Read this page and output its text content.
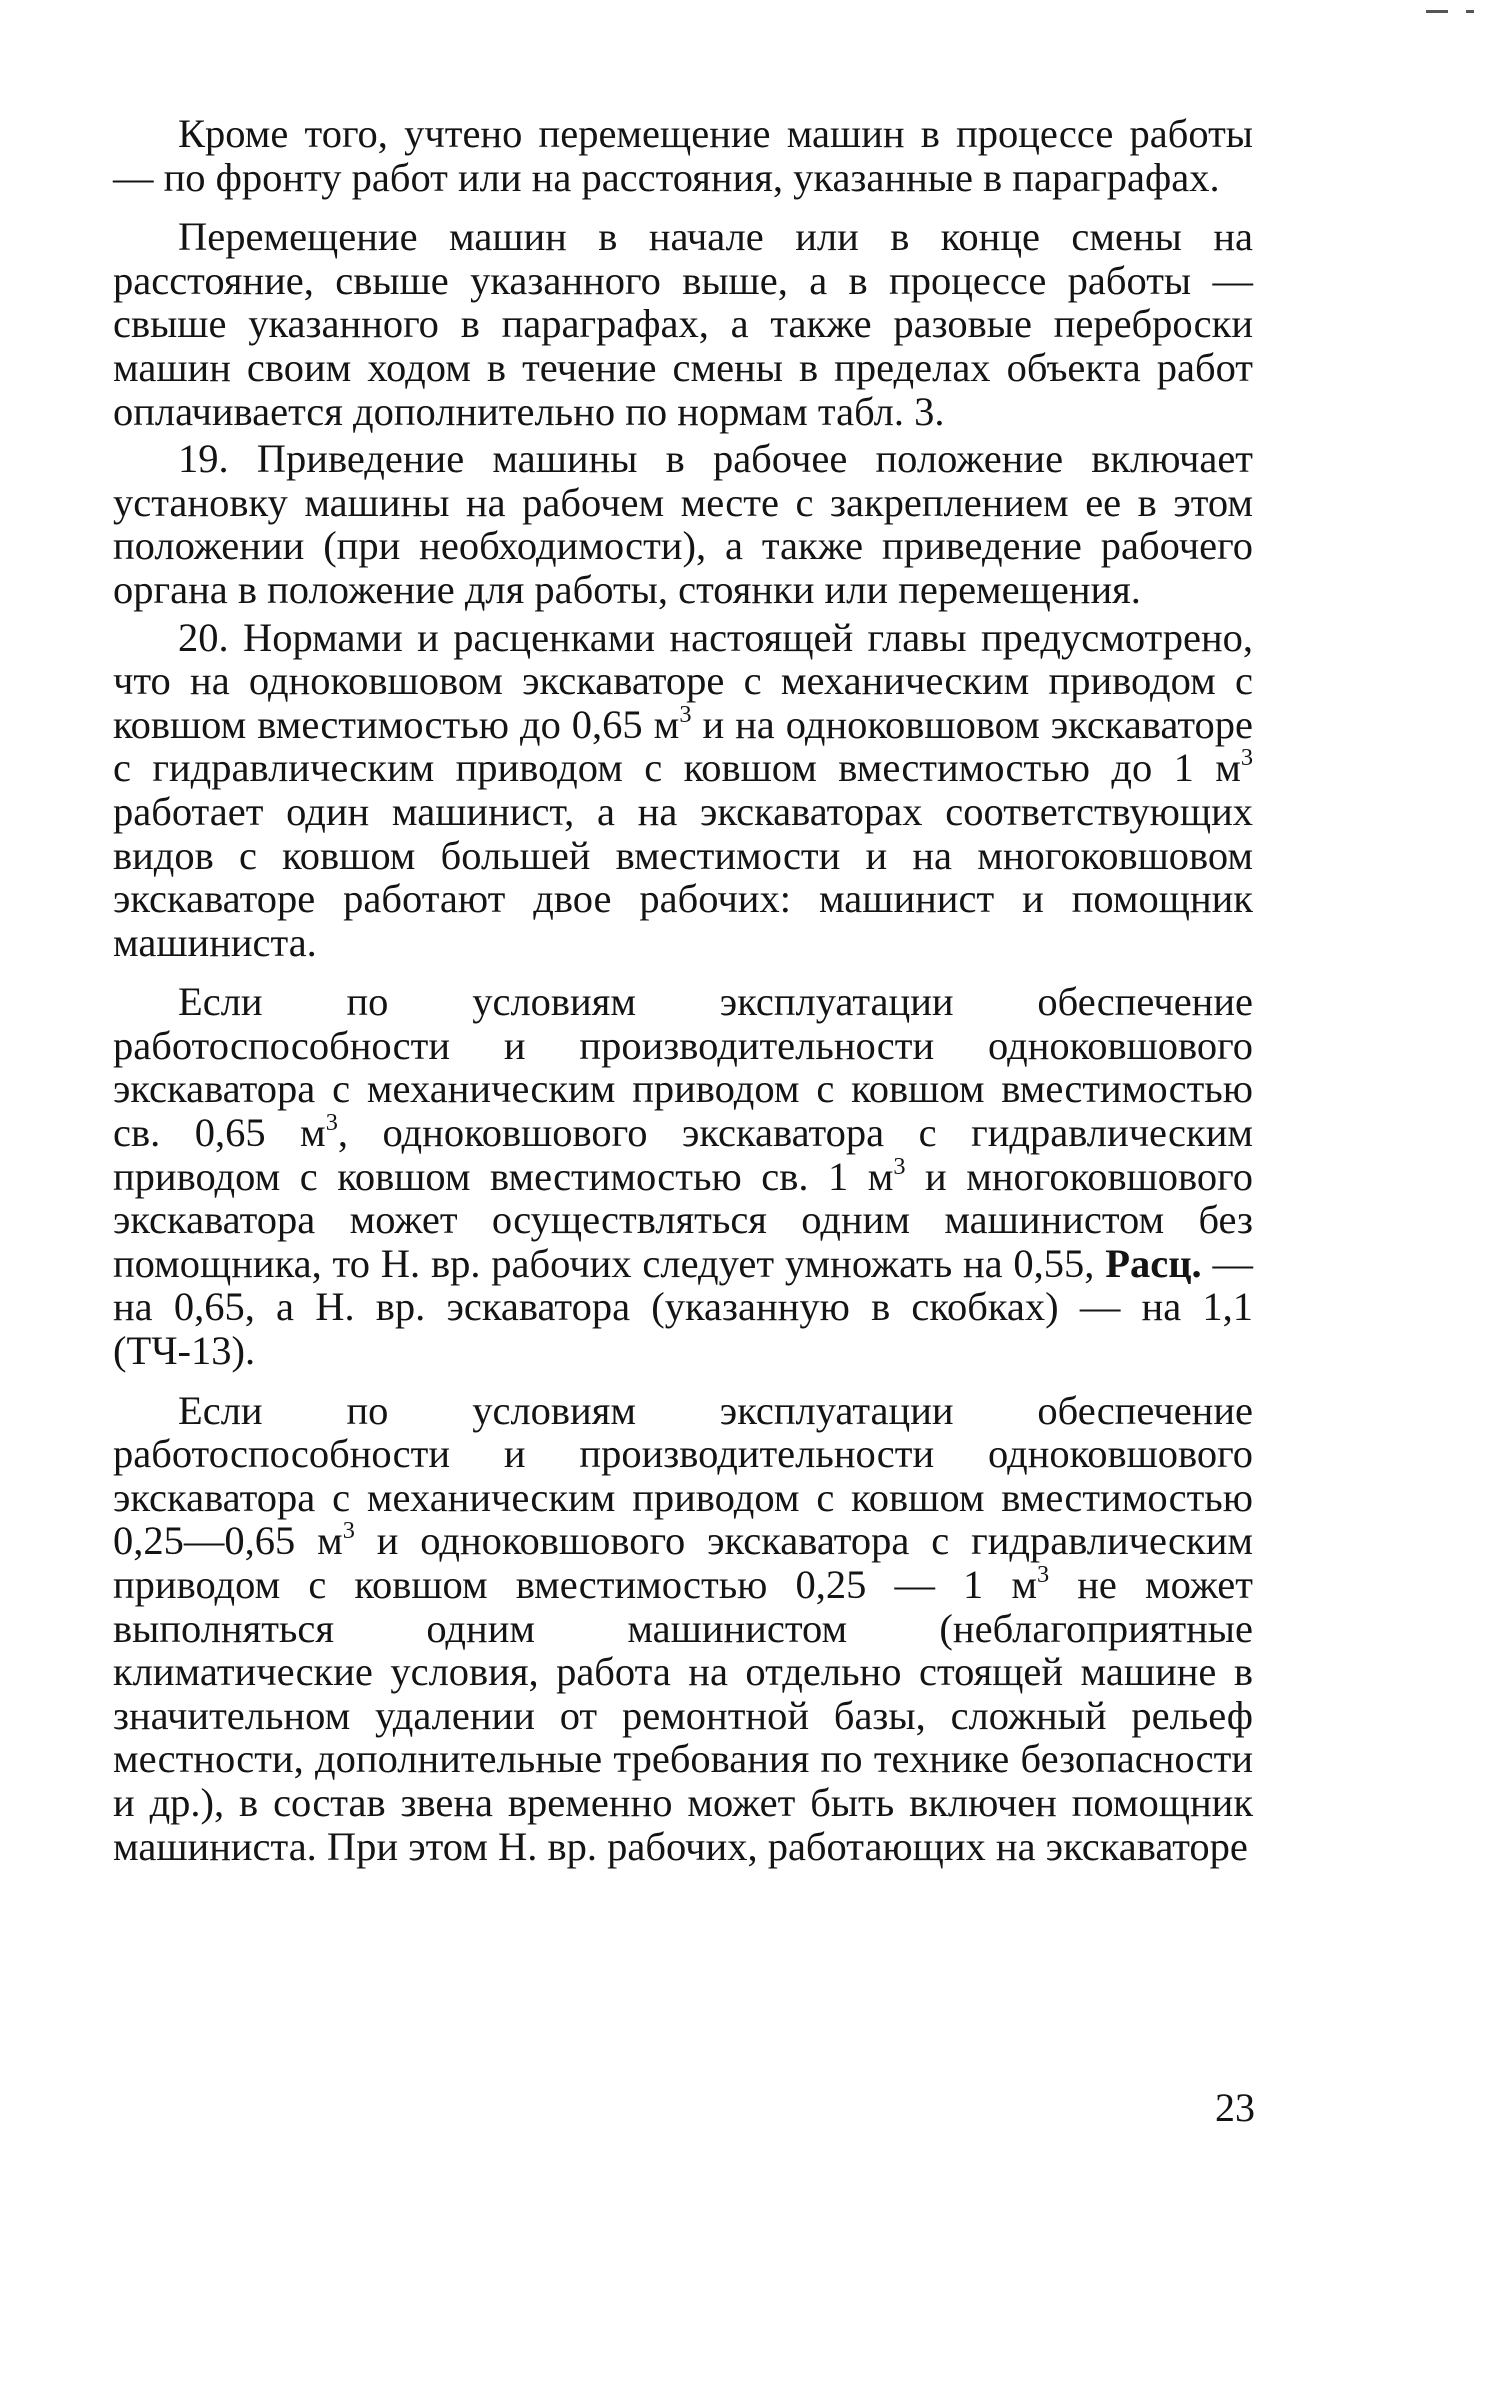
Кроме того, учтено перемещение машин в процессе работы — по фронту работ или на расстояния, указанные в параграфах.

Перемещение машин в начале или в конце смены на расстояние, свыше указанного выше, а в процессе работы — свыше указанного в параграфах, а также разовые переброски машин своим ходом в течение смены в пределах объекта работ оплачивается дополнительно по нормам табл. 3.

19. Приведение машины в рабочее положение включает установку машины на рабочем месте с закреплением ее в этом положении (при необходимости), а также приведение рабочего органа в положение для работы, стоянки или перемещения.

20. Нормами и расценками настоящей главы предусмотрено, что на одноковшовом экскаваторе с механическим приводом с ковшом вместимостью до 0,65 $м^3$ и на одноковшовом экскаваторе с гидравлическим приводом с ковшом вместимостью до 1 $м^3$ работает один машинист, а на экскаваторах соответствующих видов с ковшом большей вместимости и на многоковшовом экскаваторе работают двое рабочих: машинист и помощник машиниста.

Если по условиям эксплуатации обеспечение работоспособности и производительности одноковшового экскаватора с механическим приводом с ковшом вместимостью св. 0,65 $м^3$, одноковшового экскаватора с гидравлическим приводом с ковшом вместимостью св. 1 $м^3$ и многоковшового экскаватора может осуществляться одним машинистом без помощника, то Н. вр. рабочих следует умножать на 0,55, Расц. — на 0,65, а Н. вр. эскаватора (указанную в скобках) — на 1,1 (ТЧ-13).

Если по условиям эксплуатации обеспечение работоспособности и производительности одноковшового экскаватора с механическим приводом с ковшом вместимостью 0,25—0,65 $м^3$ и одноковшового экскаватора с гидравлическим приводом с ковшом вместимостью 0,25 — 1 $м^3$ не может выполняться одним машинистом (неблагоприятные климатические условия, работа на отдельно стоящей машине в значительном удалении от ремонтной базы, сложный рельеф местности, дополнительные требования по технике безопасности и др.), в состав звена временно может быть включен помощник машиниста. При этом Н. вр. рабочих, работающих на экскаваторе

23
